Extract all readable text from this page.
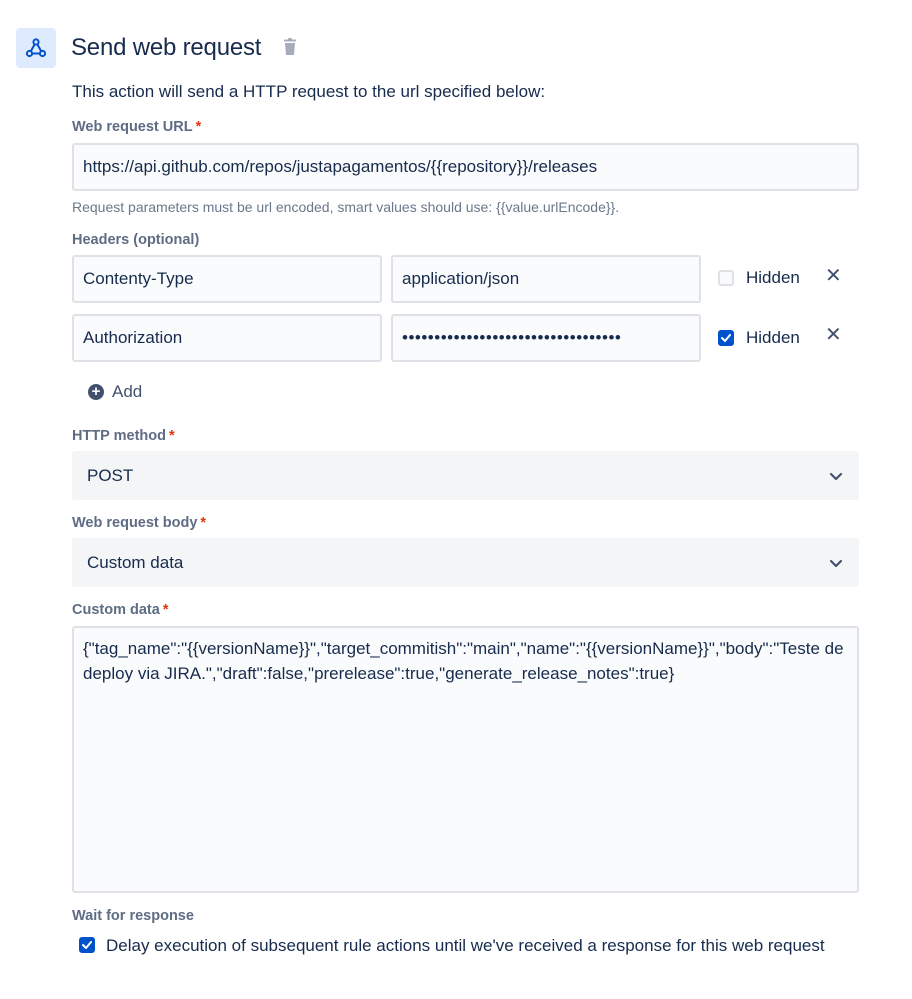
Send web request
This action will send a HTTP request to the url specified below:
Web request URL *
https://api.github.com/repos/justapagamentos/{{repository}}/releases
Request parameters must be url encoded, smart values should use: {{value.urlEncode}}.
Headers (optional)
Contenty-Type	application/json	Hidden ✕
Authorization	••••••••••••••••••••••••••••••••••	Hidden ✕
+ Add
HTTP method *
POST
Web request body *
Custom data
Custom data *
{"tag_name":"{{versionName}}","target_commitish":"main","name":"{{versionName}}","body":"Teste de deploy via JIRA.","draft":false,"prerelease":true,"generate_release_notes":true}
Wait for response
Delay execution of subsequent rule actions until we've received a response for this web request
